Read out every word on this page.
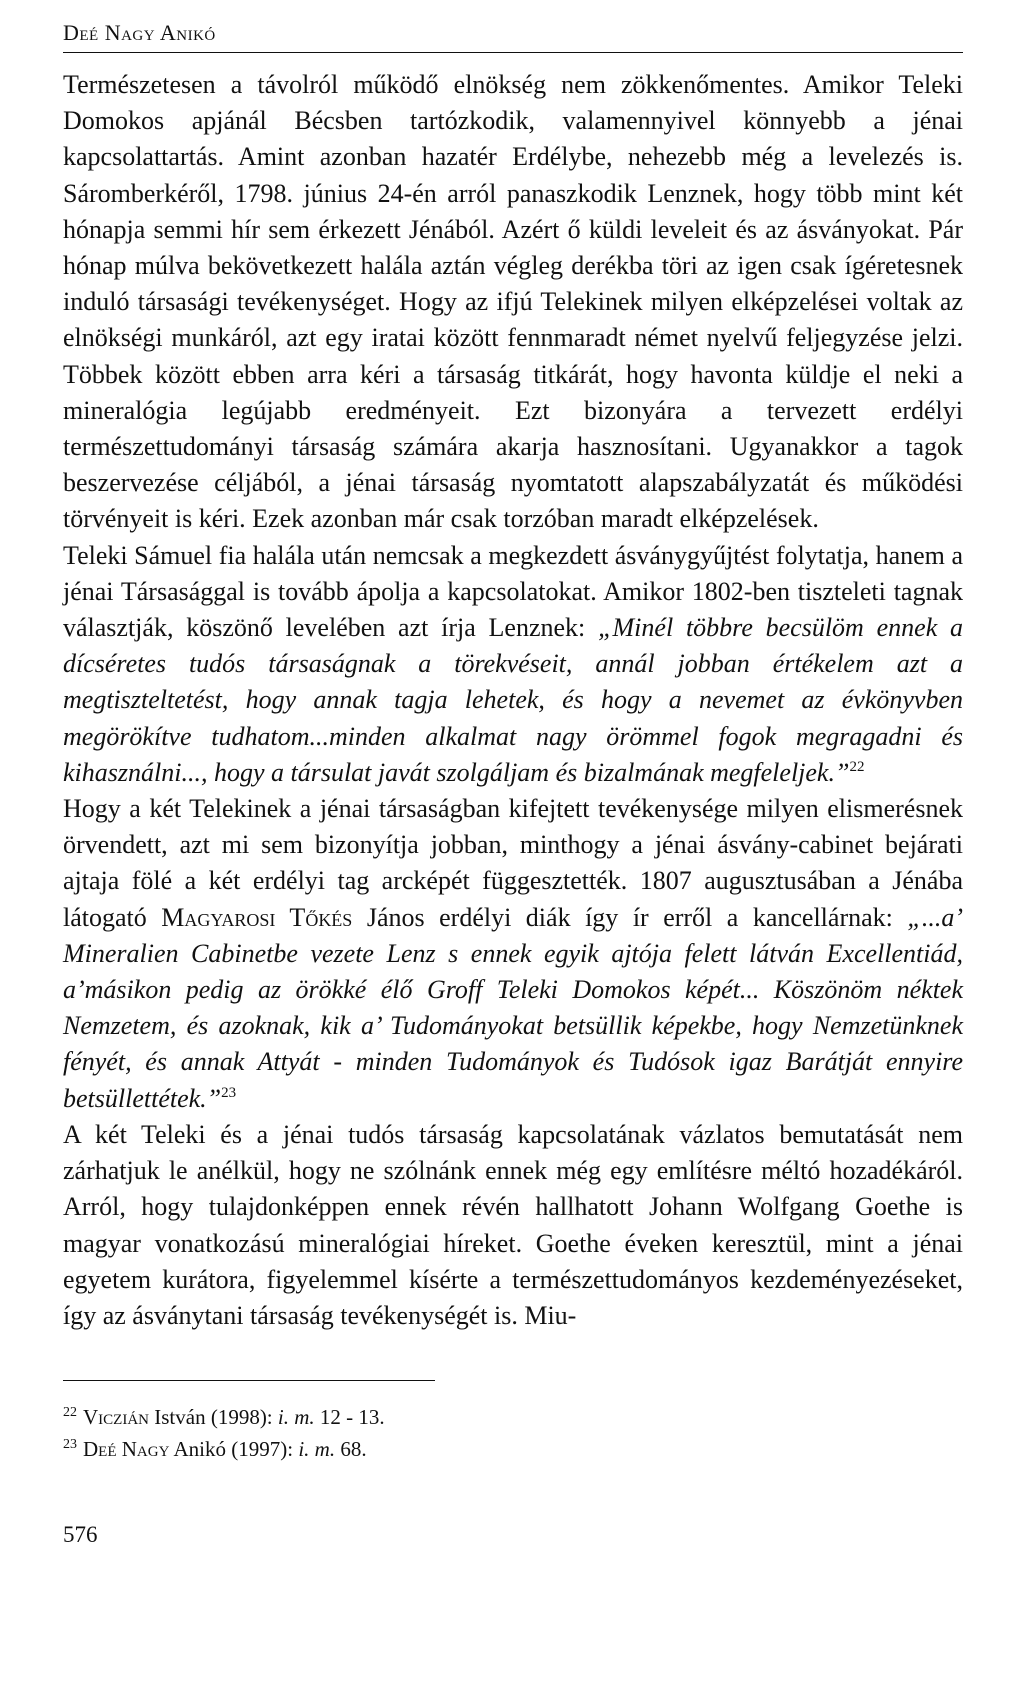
Deé Nagy Anikó

Természetesen a távolról működő elnökség nem zökkenőmentes. Amikor Teleki Domokos apjánál Bécsben tartózkodik, valamennyivel könnyebb a jénai kapcsolattartás. Amint azonban hazatér Erdélybe, nehezebb még a levelezés is. Sáromberkéről, 1798. június 24-én arról panaszkodik Lenznek, hogy több mint két hónapja semmi hír sem érkezett Jénából. Azért ő küldi leveleit és az ásványokat. Pár hónap múlva bekövetkezett halála aztán végleg derékba töri az igen csak ígéretesnek induló társasági tevékenységet. Hogy az ifjú Telekinek milyen elképzelései voltak az elnökségi munkáról, azt egy iratai között fennmaradt német nyelvű feljegyzése jelzi. Többek között ebben arra kéri a társaság titkárát, hogy havonta küldje el neki a mineralógia legújabb eredményeit. Ezt bizonyára a tervezett erdélyi természettudományi társaság számára akarja hasznosítani. Ugyanakkor a tagok beszervezése céljából, a jénai társaság nyomtatott alapszabályzatát és működési törvényeit is kéri. Ezek azonban már csak torzóban maradt elképzelések.

Teleki Sámuel fia halála után nemcsak a megkezdett ásványgyűjtést folytatja, hanem a jénai Társasággal is tovább ápolja a kapcsolatokat. Amikor 1802-ben tiszteleti tagnak választják, köszönő levelében azt írja Lenznek: „Minél többre becsülöm ennek a dícséretes tudós társaságnak a törekvéseit, annál jobban értékelem azt a megtiszteltetést, hogy annak tagja lehetek, és hogy a nevemet az évkönyvben megörökítve tudhatom...minden alkalmat nagy örömmel fogok megragadni és kihasználni..., hogy a társulat javát szolgáljam és bizalmának megfeleljek.”$^{22}$

Hogy a két Telekinek a jénai társaságban kifejtett tevékenysége milyen elismerésnek örvendett, azt mi sem bizonyítja jobban, minthogy a jénai ásvány-cabinet bejárati ajtaja fölé a két erdélyi tag arcképét függesztették. 1807 augusztusában a Jénába látogató Magyarosi Tőkés János erdélyi diák így ír erről a kancellárnak: „...a’ Mineralien Cabinetbe vezete Lenz s ennek egyik ajtója felett látván Excellentiád, a’másikon pedig az örökké élő Groff Teleki Domokos képét... Köszönöm néktek Nemzetem, és azoknak, kik a’ Tudományokat betsüllik képekbe, hogy Nemzetünknek fényét, és annak Attyát - minden Tudományok és Tudósok igaz Barátját ennyire betsüllettétek.”$^{23}$

A két Teleki és a jénai tudós társaság kapcsolatának vázlatos bemutatását nem zárhatjuk le anélkül, hogy ne szólnánk ennek még egy említésre méltó hozadékáról. Arról, hogy tulajdonképpen ennek révén hallhatott Johann Wolfgang Goethe is magyar vonatkozású mineralógiai híreket. Goethe éveken keresztül, mint a jénai egyetem kurátora, figyelemmel kísérte a természettudományos kezdeményezéseket, így az ásványtani társaság tevékenységét is. Miu-

$^{22}$ Viczián István (1998): i. m. 12 - 13.
$^{23}$ Deé Nagy Anikó (1997): i. m. 68.
576
